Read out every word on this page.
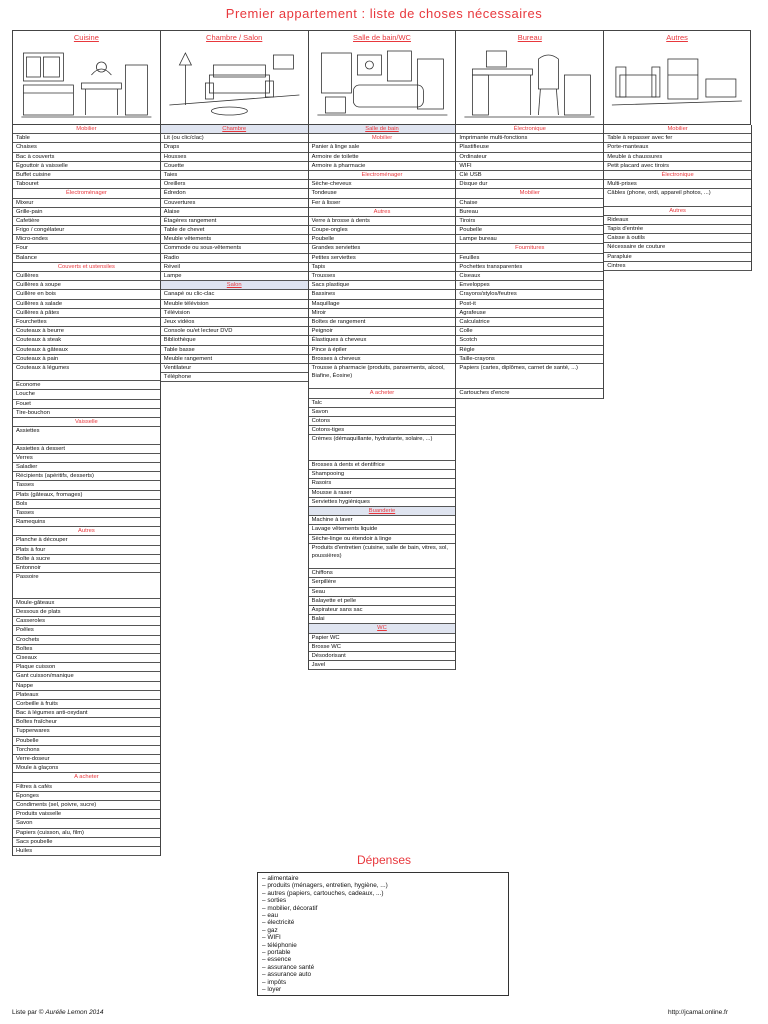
Premier appartement : liste de choses nécessaires
Cuisine
Mobilier
Table
Chaises
Bac à couverts
Égouttoir à vaisselle
Buffet cuisine
Tabouret
Électroménager
Mixeur
Grille-pain
Cafetière
Frigo / congélateur
Micro-ondes
Four
Balance
Couverts et ustensiles
Cuillères
Cuillères à soupe
Cuillère en bois
Cuillères à salade
Cuillères à pâtes
Fourchettes
Couteaux à beurre
Couteaux à steak
Couteaux à gâteaux
Couteaux à pain
Couteaux à légumes
Économe
Louche
Fouet
Tire-bouchon
Vaisselle
Assiettes
Assiettes à dessert
Verres
Saladier
Récipients (apéritifs, desserts)
Tasses
Plats (gâteaux, fromages)
Bols
Tasses
Ramequins
Autres
Planche à découper
Plats à four
Boîte à sucre
Entonnoir
Passoire
Moule-gâteaux
Dessous de plats
Casseroles
Poêles
Crochets
Boîtes
Ciseaux
Plaque cuisson
Gant cuisson/manique
Nappe
Plateaux
Corbeille à fruits
Bac à légumes anti-oxydant
Boîtes fraîcheur
Tupperwares
Poubelle
Torchons
Verre-doseur
Moule à glaçons
A acheter
Filtres à cafés
Éponges
Condiments (sel, poivre, sucre)
Produits vaisselle
Savon
Papiers (cuisson, alu, film)
Sacs poubelle
Huiles
Chambre / Salon
Chambre
Lit (ou clic/clac)
Draps
Housses
Couette
Taies
Oreillers
Édredon
Couvertures
Alaise
Étagères rangement
Table de chevet
Meuble vêtements
Commode ou sous-vêtements
Radio
Réveil
Lampe
Salon
Canapé ou clic-clac
Meuble télévision
Télévision
Jeux vidéos
Console ou/et lecteur DVD
Bibliothèque
Table basse
Meuble rangement
Ventilateur
Téléphone
Salle de bain/WC
Salle de bain
Mobilier
Panier à linge sale
Armoire de toilette
Armoire à pharmacie
Electroménager
Sèche-cheveux
Tondeuse
Fer à lisser
Autres
Verre à brosse à dents
Coupe-ongles
Poubelle
Grandes serviettes
Petites serviettes
Tapis
Trousses
Sacs plastique
Bassines
Maquillage
Miroir
Boîtes de rangement
Peignoir
Élastiques à cheveux
Pince à épiler
Brosses à cheveux
Trousse à pharmacie (produits, pansements, alcool, Biafine, Éosine)
A acheter
Talc
Savon
Cotons
Cotons-tiges
Crèmes (démaquillante, hydratante, solaire, ...)
Brosses à dents et dentifrice
Shampooing
Rasoirs
Mousse à raser
Serviettes hygiéniques
Buanderie
Machine à laver
Lavage vêtements liquide
Sèche-linge ou étendoir à linge
Produits d'entretien (cuisine, salle de bain, vitres, sol, poussières)
Chiffons
Serpillère
Seau
Balayette et pelle
Aspirateur sans sac
Balai
WC
Papier WC
Brosse WC
Désodorisant
Javel
Bureau
Électronique
Imprimante multi-fonctions
Plastifieuse
Ordinateur
WIFI
Clé USB
Disque dur
Mobilier
Chaise
Bureau
Tiroirs
Poubelle
Lampe bureau
Fournitures
Feuilles
Pochettes transparentes
Ciseaux
Enveloppes
Crayons/stylos/feutres
Post-it
Agrafeuse
Calculatrice
Colle
Scotch
Règle
Taille-crayons
Papiers (cartes, diplômes, carnet de santé, ...)
Cartouches d'encre
Autres
Mobilier
Table à repasser avec fer
Porte-manteaux
Meuble à chaussures
Petit placard avec tiroirs
Électronique
Multi-prises
Câbles (phone, ordi, appareil photos, ...)
Autres
Rideaux
Tapis d'entrée
Caisse à outils
Nécessaire de couture
Parapluie
Cintres
Dépenses
– alimentaire
– produits (ménagers, entretien, hygiène, ...)
– autres (papiers, cartouches, cadeaux, ...)
– sorties
– mobilier, décoratif
– eau
– électricité
– gaz
– WIFI
– téléphonie
– portable
– essence
– assurance santé
– assurance auto
– impôts
– loyer
Liste par © Aurélie Lemon 2014	http://jcamal.online.fr
